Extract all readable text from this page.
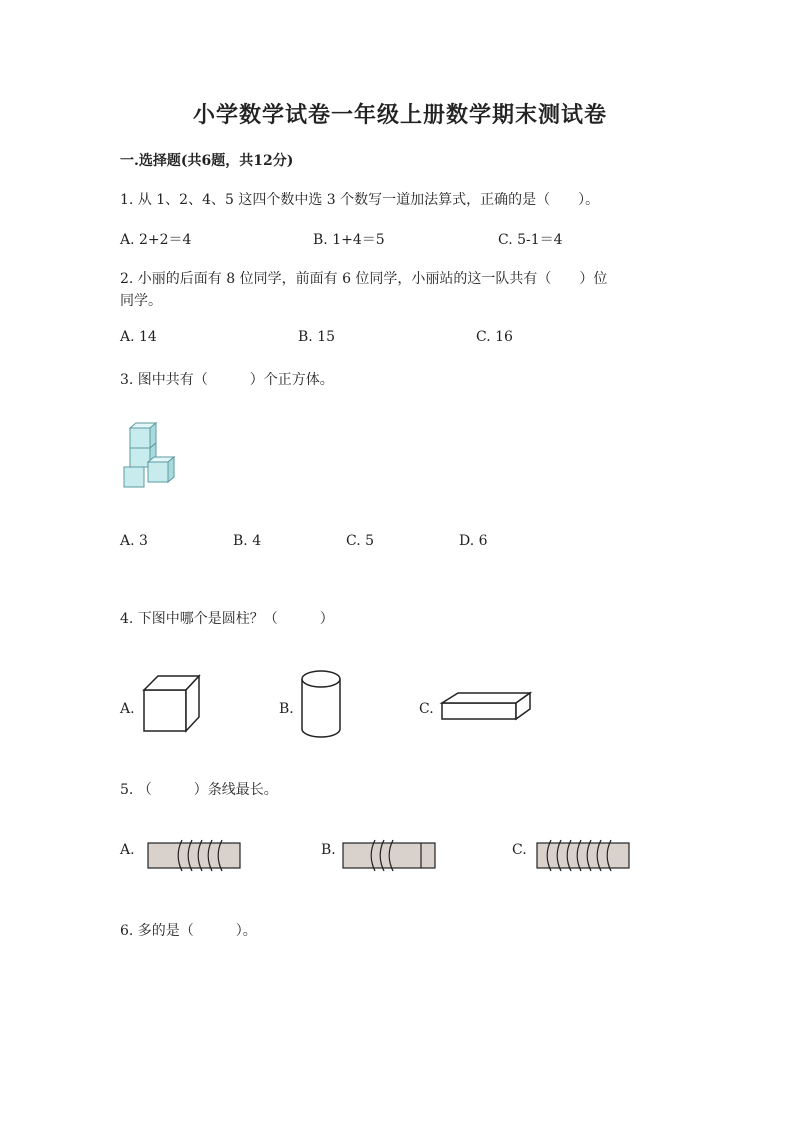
小学数学试卷一年级上册数学期末测试卷
一.选择题(共6题，共12分)
1. 从 1、2、4、5 这四个数中选 3 个数写一道加法算式，正确的是（　　）。
A. 2+2＝4	B. 1+4＝5	C. 5-1＝4
2. 小丽的后面有 8 位同学，前面有 6 位同学，小丽站的这一队共有（　　）位
同学。
A. 14	B. 15	C. 16
3. 图中共有（　　　）个正方体。
A. 3	B. 4	C. 5	D. 6
4. 下图中哪个是圆柱？（　　　）
A.	B.	C.
5. （　　　）条线最长。
A.	B.	C.
6. 多的是（　　　）。
